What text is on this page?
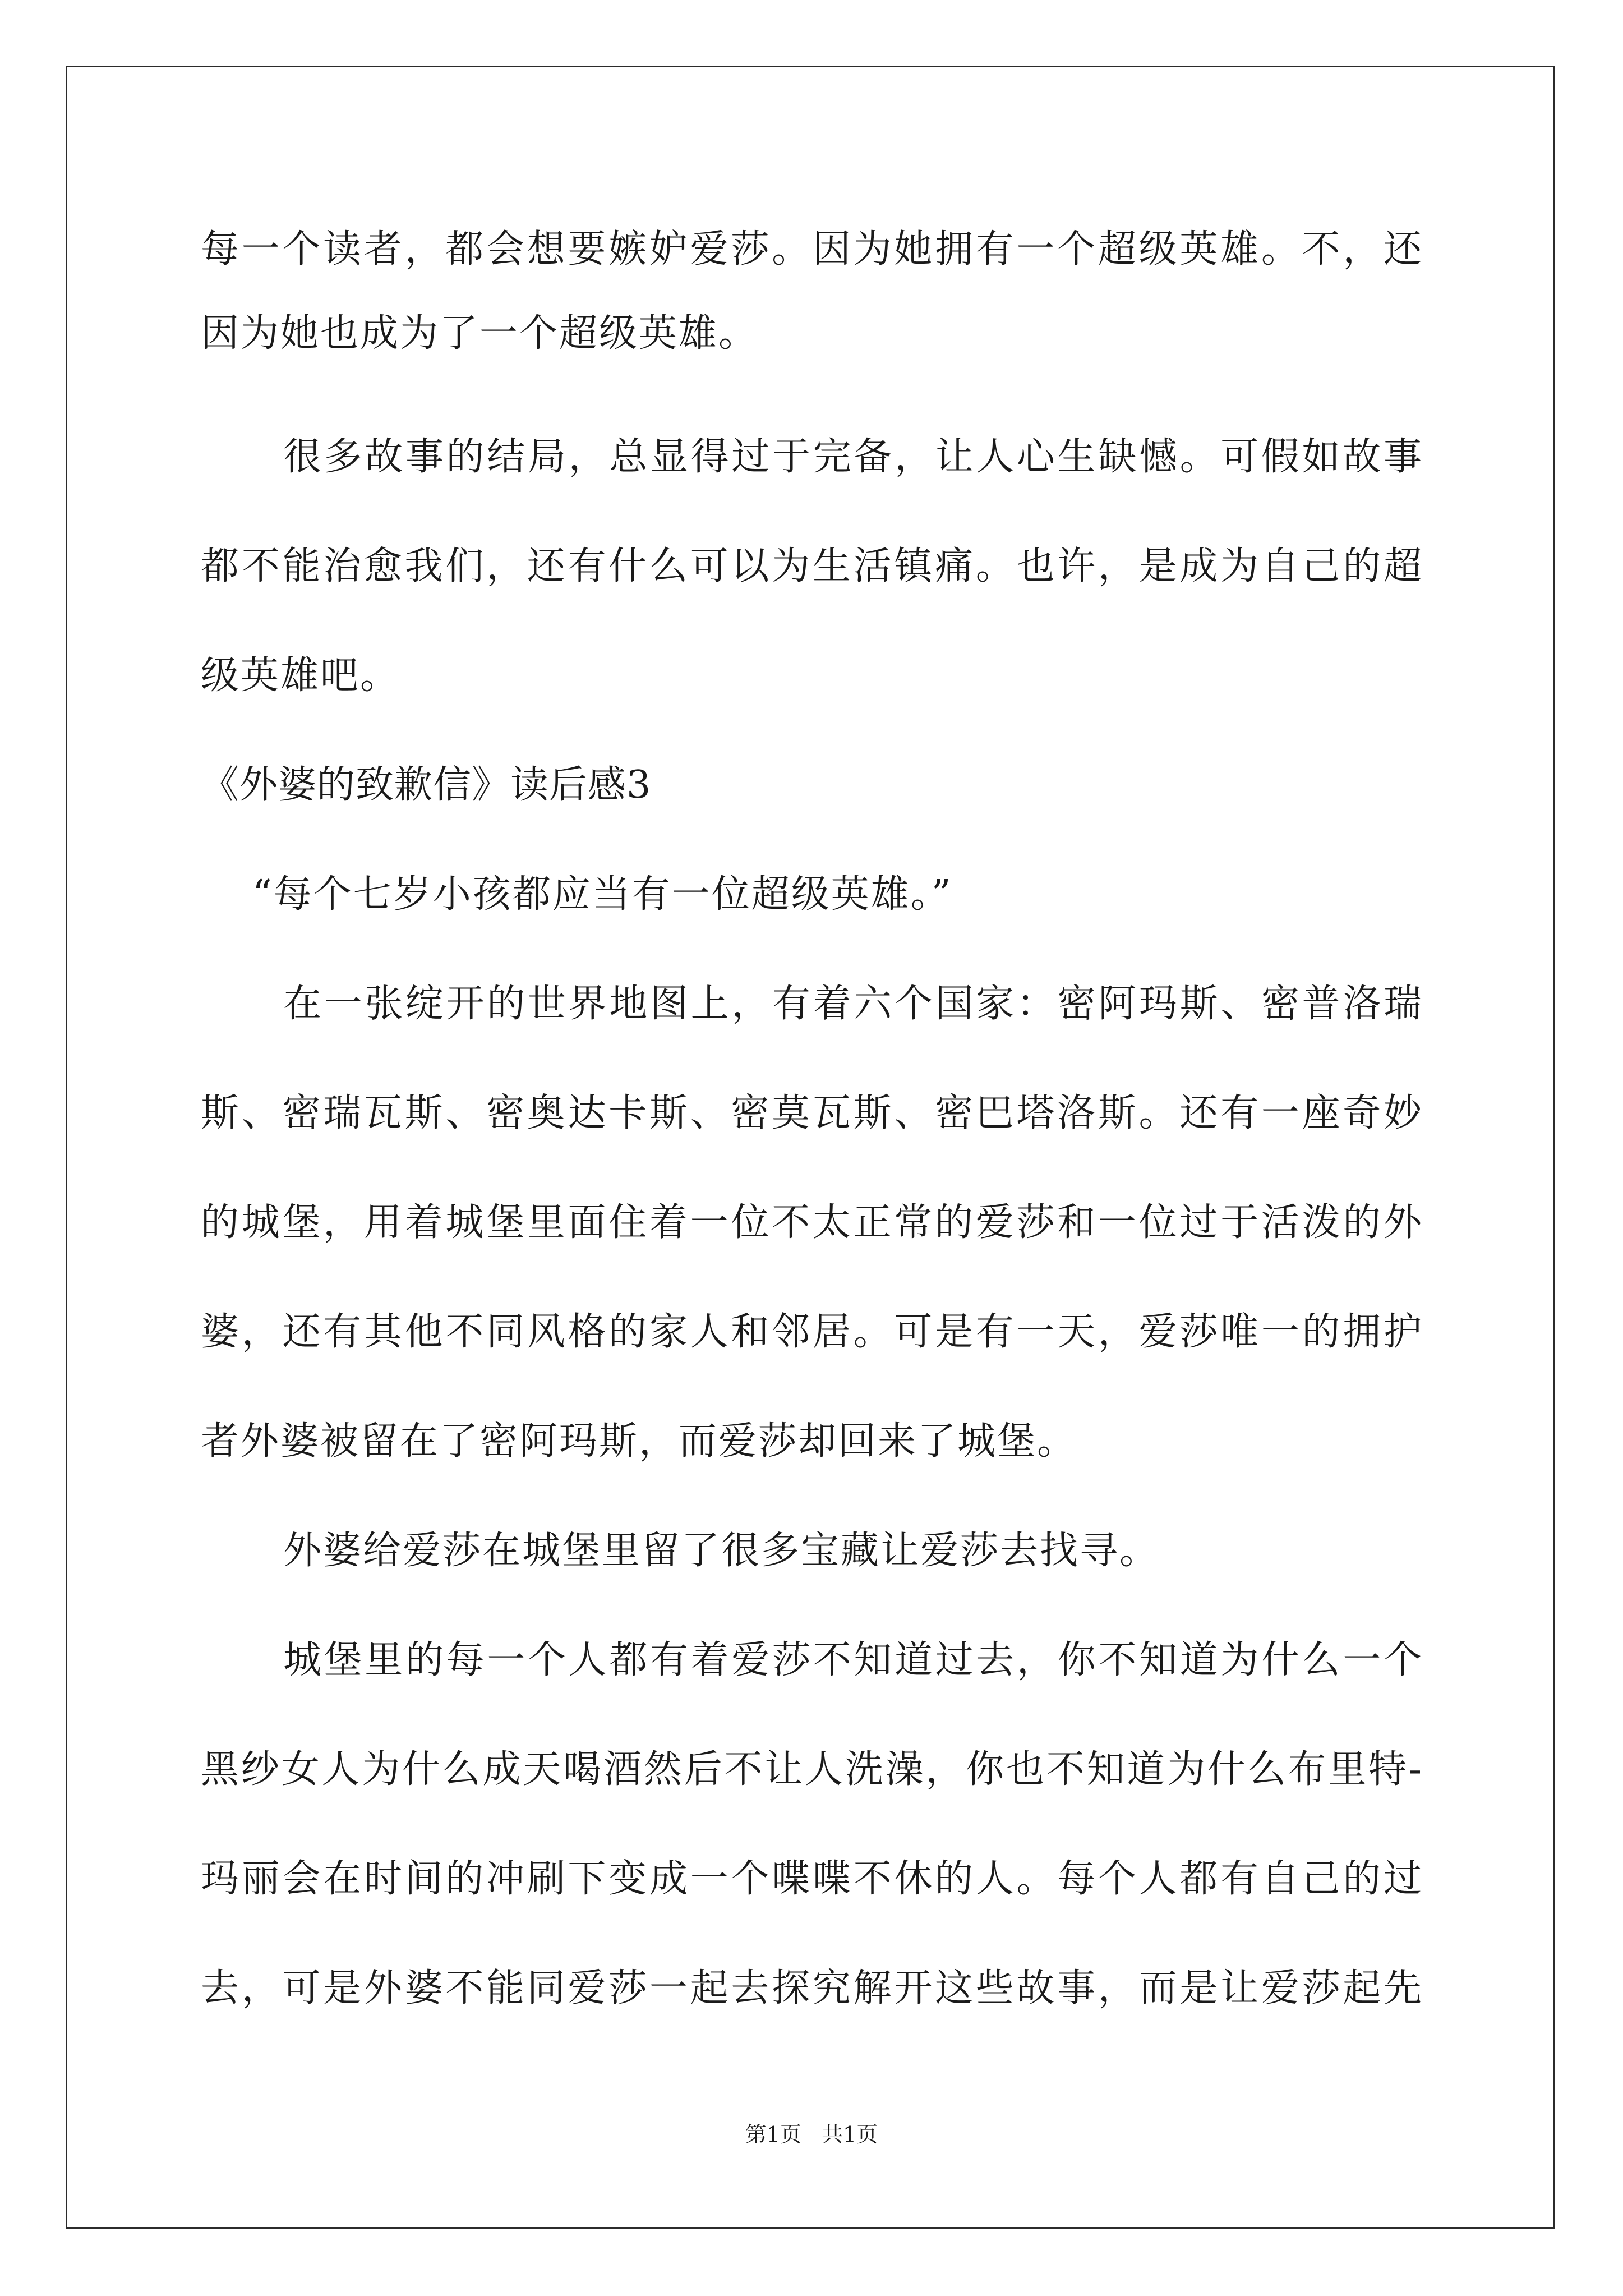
每一个读者，都会想要嫉妒爱莎。因为她拥有一个超级英雄。不，还
因为她也成为了一个超级英雄。
很多故事的结局，总显得过于完备，让人心生缺憾。可假如故事
都不能治愈我们，还有什么可以为生活镇痛。也许，是成为自己的超
级英雄吧。
《外婆的致歉信》读后感3
“每个七岁小孩都应当有一位超级英雄。”
在一张绽开的世界地图上，有着六个国家：密阿玛斯、密普洛瑞
斯、密瑞瓦斯、密奥达卡斯、密莫瓦斯、密巴塔洛斯。还有一座奇妙
的城堡，用着城堡里面住着一位不太正常的爱莎和一位过于活泼的外
婆，还有其他不同风格的家人和邻居。可是有一天，爱莎唯一的拥护
者外婆被留在了密阿玛斯，而爱莎却回来了城堡。
外婆给爱莎在城堡里留了很多宝藏让爱莎去找寻。
城堡里的每一个人都有着爱莎不知道过去，你不知道为什么一个
黑纱女人为什么成天喝酒然后不让人洗澡，你也不知道为什么布里特-
玛丽会在时间的冲刷下变成一个喋喋不休的人。每个人都有自己的过
去，可是外婆不能同爱莎一起去探究解开这些故事，而是让爱莎起先
第1页 共1页
